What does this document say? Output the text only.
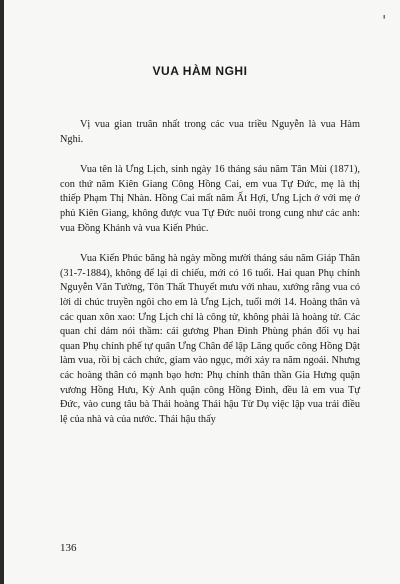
'
VUA HÀM NGHI

Vị vua gian truân nhất trong các vua triều Nguyễn là vua Hàm Nghi.

Vua tên là Ưng Lịch, sinh ngày 16 tháng sáu năm Tân Mùi (1871), con thứ năm Kiên Giang Công Hồng Cai, em vua Tự Đức, mẹ là thị thiếp Phạm Thị Nhàn. Hồng Cai mất năm Ất Hợi, Ưng Lịch ở với mẹ ở phủ Kiên Giang, không được vua Tự Đức nuôi trong cung như các anh: vua Đồng Khánh và vua Kiến Phúc.

Vua Kiến Phúc băng hà ngày mồng mười tháng sáu năm Giáp Thân (31-7-1884), không để lại di chiếu, mới có 16 tuổi. Hai quan Phụ chính Nguyễn Văn Tường, Tôn Thất Thuyết mưu với nhau, xướng rằng vua có lời di chúc truyền ngôi cho em là Ưng Lịch, tuổi mới 14. Hoàng thân và các quan xôn xao: Ưng Lịch chỉ là công tử, không phải là hoàng tử. Các quan chỉ dám nói thầm: cái gương Phan Đình Phùng phản đối vụ hai quan Phụ chính phế tự quân Ưng Chân để lập Lãng quốc công Hồng Dật làm vua, rồi bị cách chức, giam vào ngục, mới xảy ra năm ngoái. Nhưng các hoàng thân có mạnh bạo hơn: Phụ chính thân thần Gia Hưng quận vương Hồng Hưu, Kỳ Anh quận công Hồng Đình, đều là em vua Tự Đức, vào cung tâu bà Thái hoàng Thái hậu Từ Dụ việc lập vua trái điều lệ của nhà và của nước. Thái hậu thấy

136
